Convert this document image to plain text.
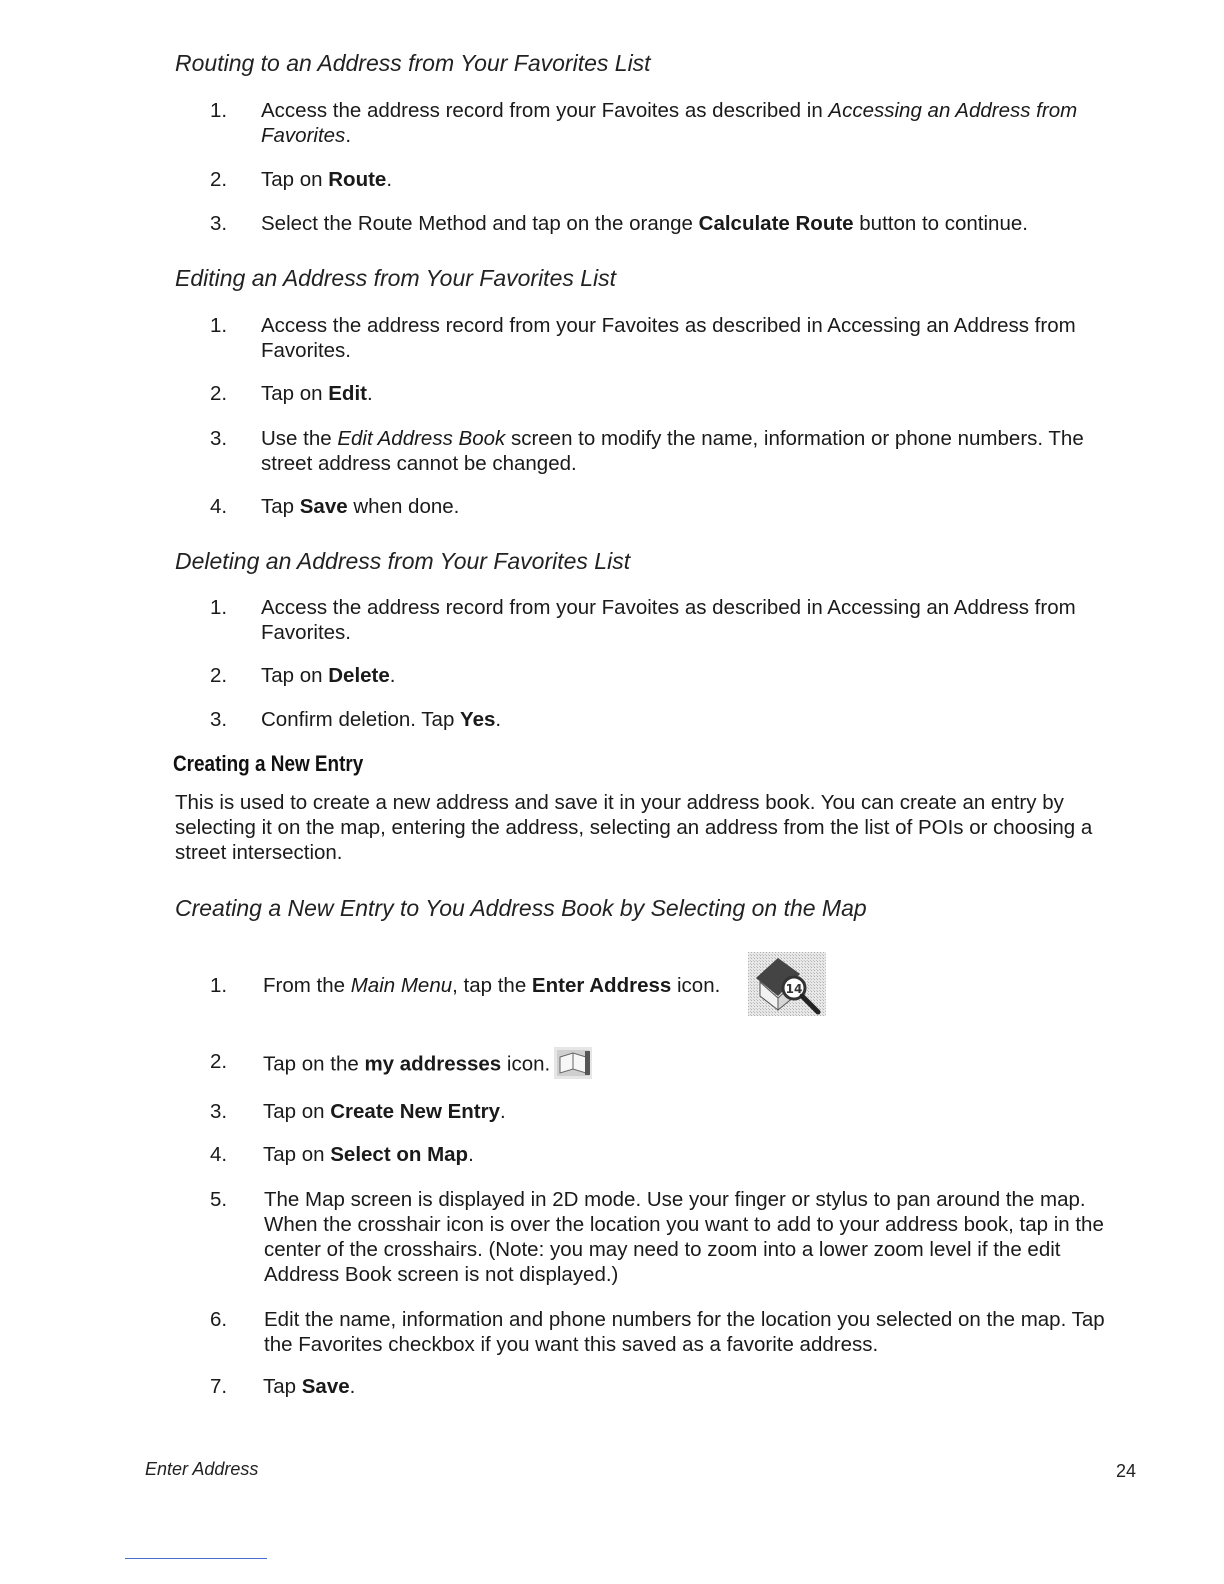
Routing to an Address from Your Favorites List
1.	Access the address record from your Favoites as described in Accessing an Address from Favorites.
2.	Tap on Route.
3.	Select the Route Method and tap on the orange Calculate Route button to continue.
Editing an Address from Your Favorites List
1.	Access the address record from your Favoites as described in Accessing an Address from Favorites.
2.	Tap on Edit.
3.	Use the Edit Address Book screen to modify the name, information or phone numbers. The street address cannot be changed.
4.	Tap Save when done.
Deleting an Address from Your Favorites List
1.	Access the address record from your Favoites as described in Accessing an Address from Favorites.
2.	Tap on Delete.
3.	Confirm deletion. Tap Yes.
Creating a New Entry

This is used to create a new address and save it in your address book. You can create an entry by selecting it on the map, entering the address, selecting an address from the list of POIs or choosing a street intersection.

Creating a New Entry to You Address Book by Selecting on the Map
1.	From the Main Menu, tap the Enter Address icon.	14
2.	Tap on the my addresses icon.
3.	Tap on Create New Entry.
4.	Tap on Select on Map.
5.	The Map screen is displayed in 2D mode. Use your finger or stylus to pan around the map. When the crosshair icon is over the location you want to add to your address book, tap in the center of the crosshairs. (Note: you may need to zoom into a lower zoom level if the edit Address Book screen is not displayed.)
6.	Edit the name, information and phone numbers for the location you selected on the map. Tap the Favorites checkbox if you want this saved as a favorite address.
7.	Tap Save.
Enter Address	24
